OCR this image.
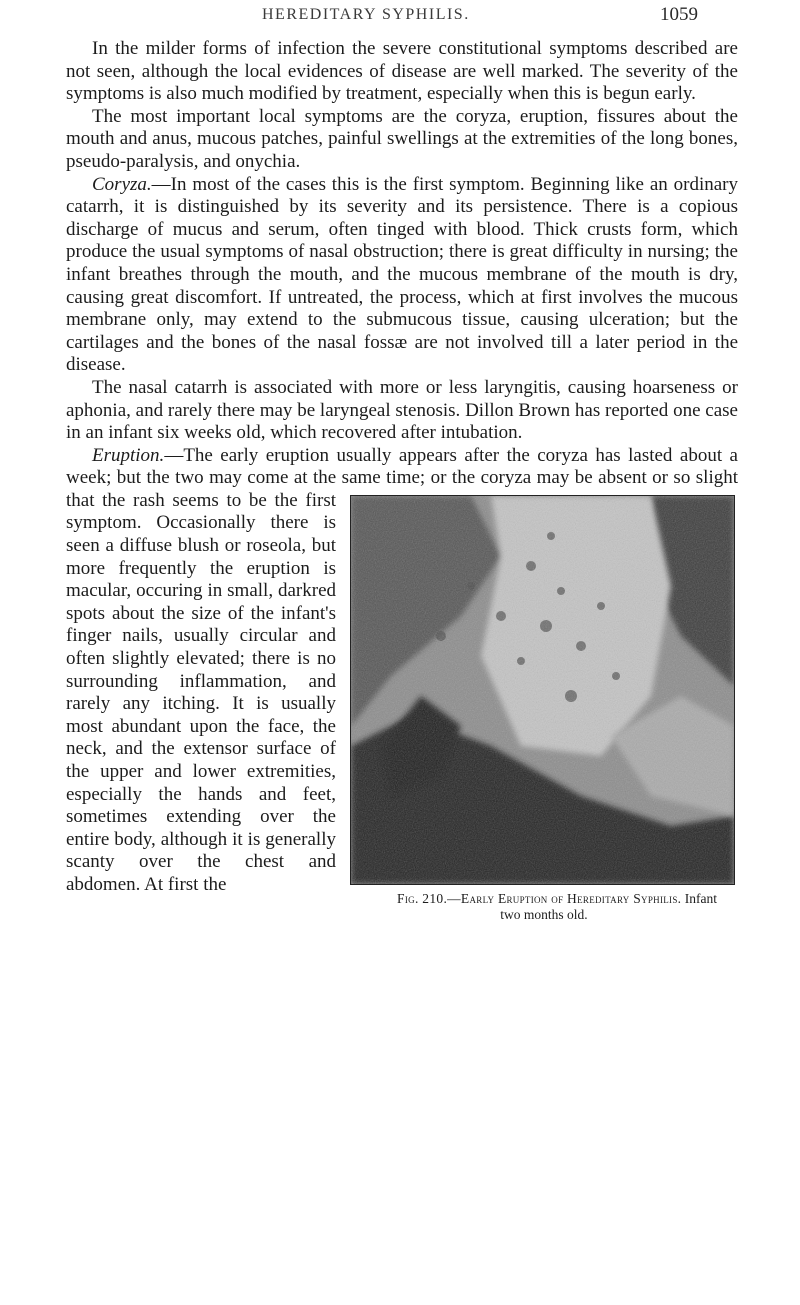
HEREDITARY SYPHILIS.	1059

In the milder forms of infection the severe constitutional symptoms described are not seen, although the local evidences of disease are well marked. The severity of the symptoms is also much modified by treatment, especially when this is begun early.

The most important local symptoms are the coryza, eruption, fissures about the mouth and anus, mucous patches, painful swellings at the extremities of the long bones, pseudo-paralysis, and onychia.

Coryza.—In most of the cases this is the first symptom. Beginning like an ordinary catarrh, it is distinguished by its severity and its persistence. There is a copious discharge of mucus and serum, often tinged with blood. Thick crusts form, which produce the usual symptoms of nasal obstruction; there is great difficulty in nursing; the infant breathes through the mouth, and the mucous membrane of the mouth is dry, causing great discomfort. If untreated, the process, which at first involves the mucous membrane only, may extend to the submucous tissue, causing ulceration; but the cartilages and the bones of the nasal fossæ are not involved till a later period in the disease.

The nasal catarrh is associated with more or less laryngitis, causing hoarseness or aphonia, and rarely there may be laryngeal stenosis. Dillon Brown has reported one case in an infant six weeks old, which recovered after intubation.

Eruption.—The early eruption usually appears after the coryza has lasted about a week; but the two may come at the same time; or the
Fig. 210.—Early Eruption of Hereditary Syphilis. Infant two months old.
coryza may be absent or so slight that the rash seems to be the first symptom. Occasionally there is seen a diffuse blush or roseola, but more frequently the eruption is macular, occuring in small, darkred spots about the size of the infant's finger nails, usually circular and often slightly elevated; there is no surrounding inflammation, and rarely any itching. It is usually most abundant upon the face, the neck, and the extensor surface of the upper and lower extremities, especially the hands and feet, sometimes extending over the entire body, although it is generally scanty over the chest and abdomen. At first the
